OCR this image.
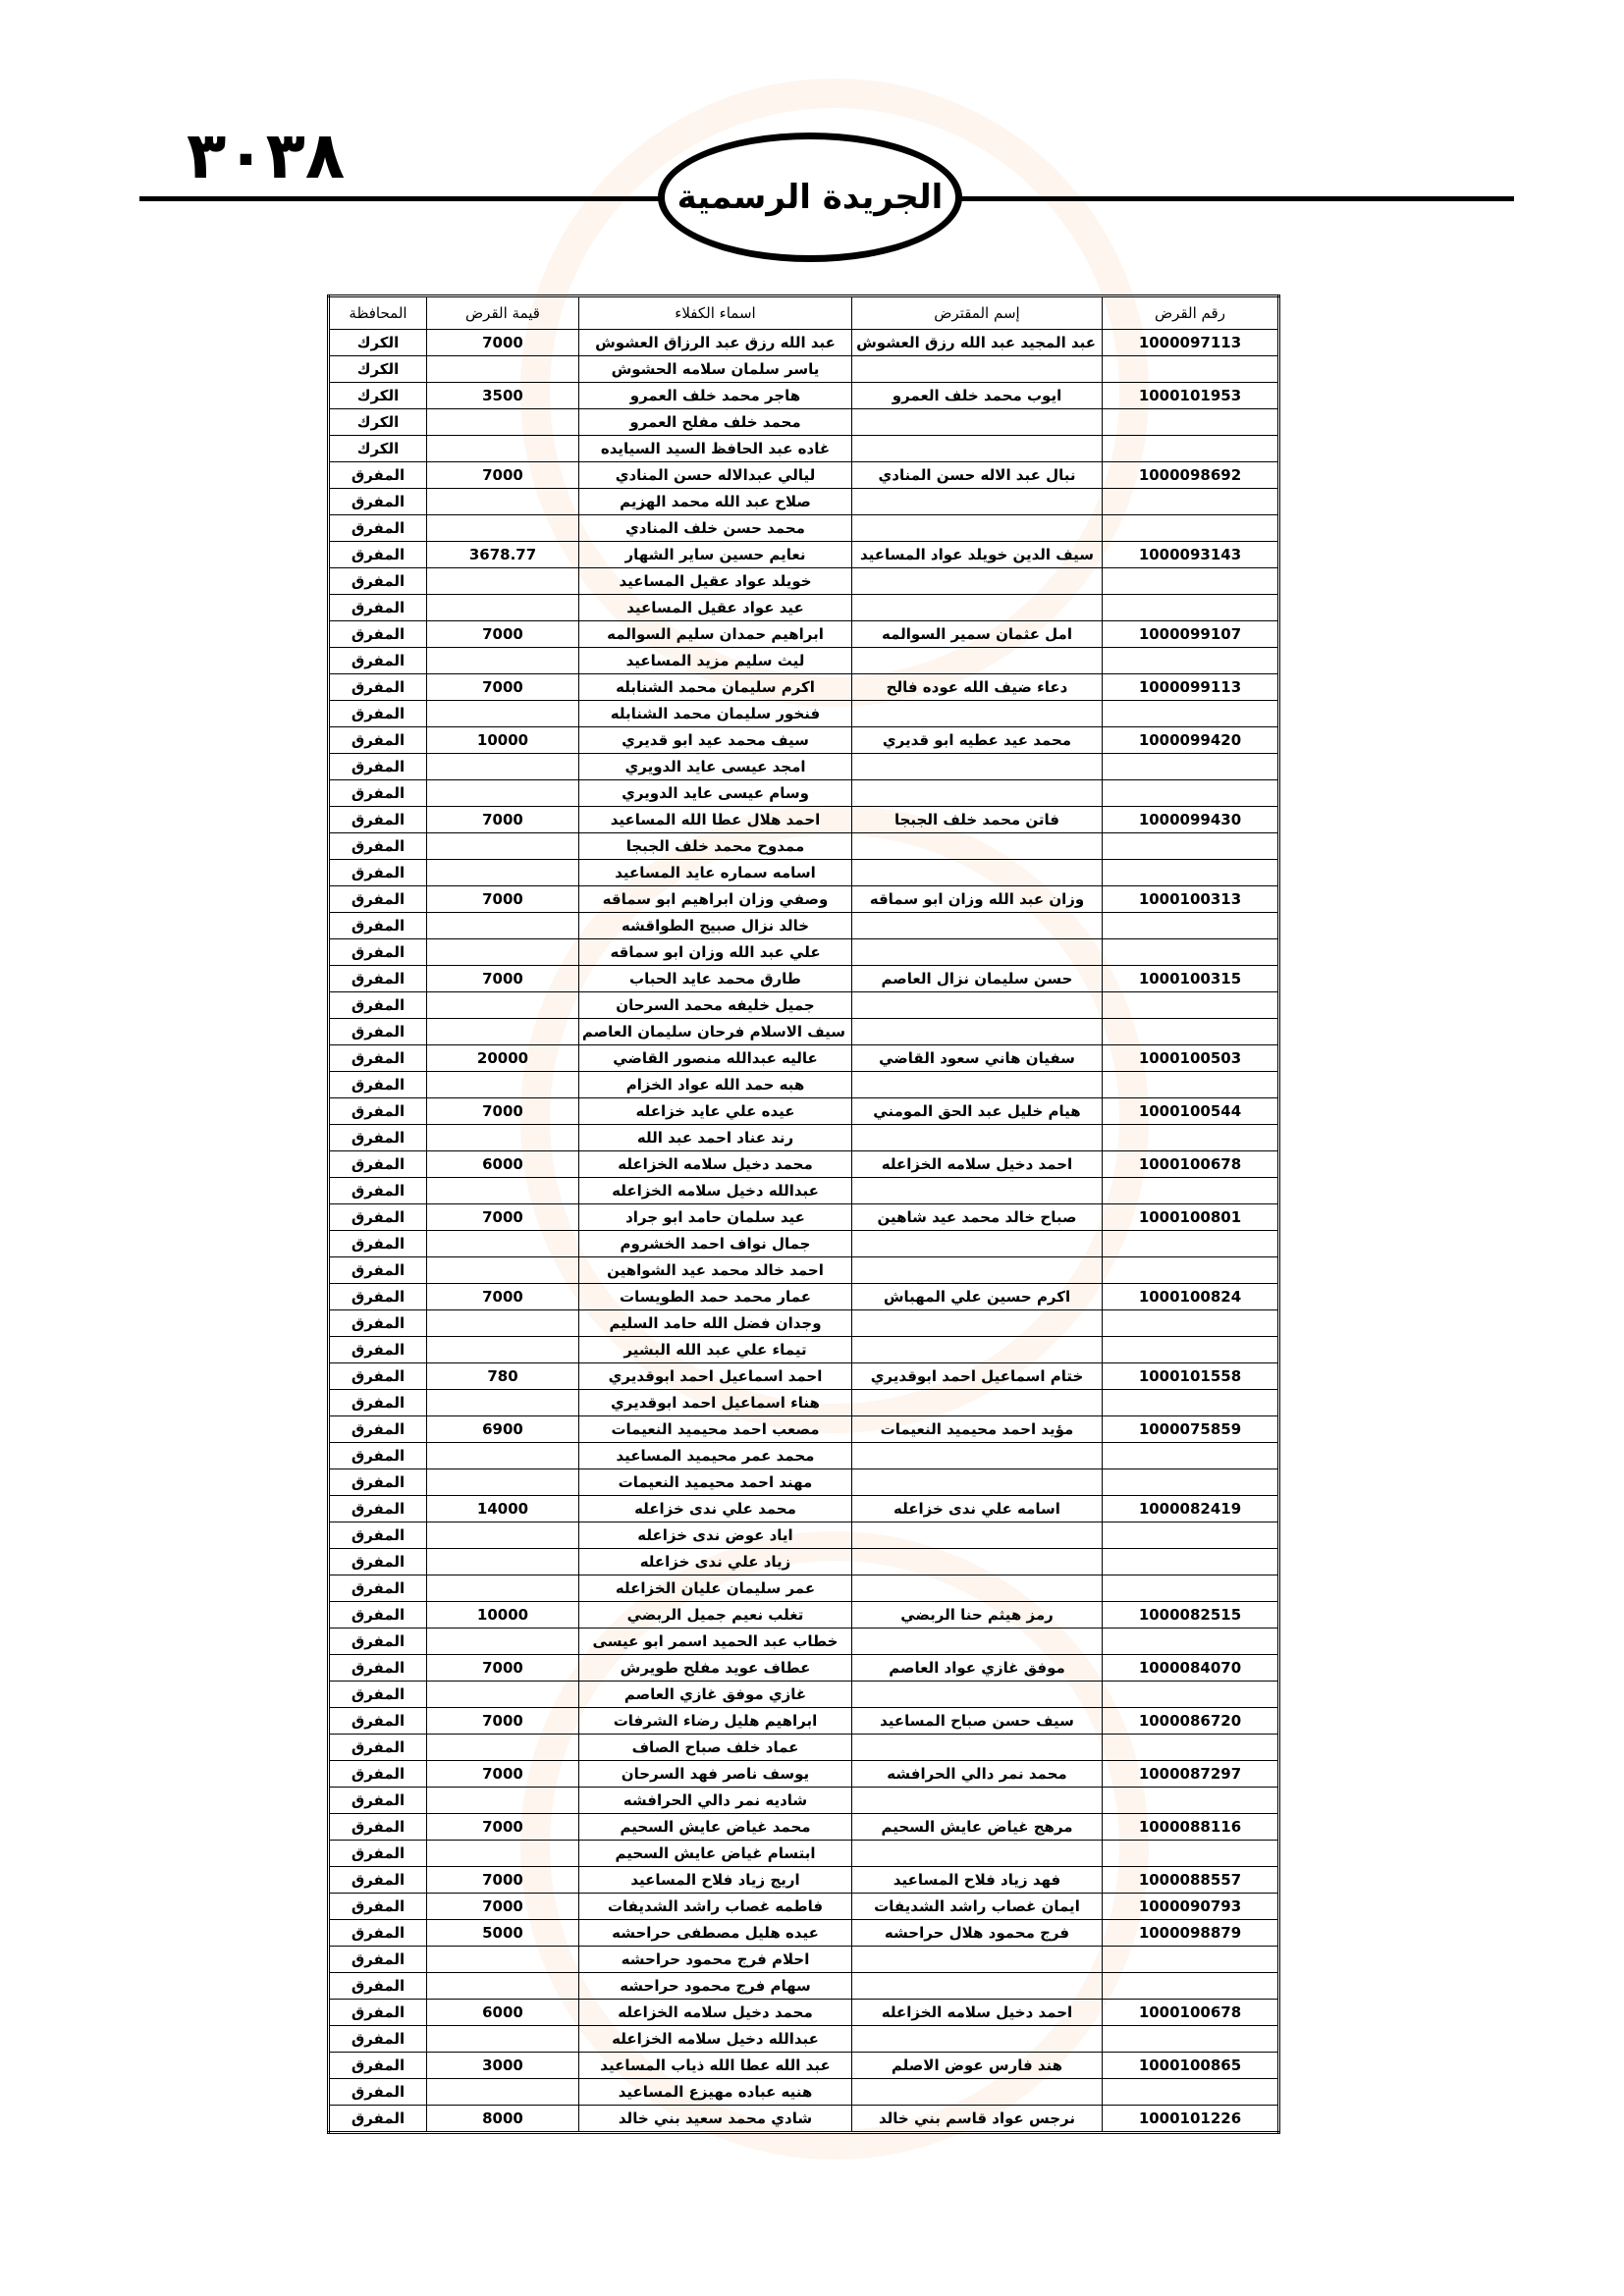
٣٠٣٨
الجريدة الرسمية
رقم القرض	إسم المقترض	اسماء الكفلاء	قيمة القرض	المحافظة
1000097113	عبد المجيد عبد الله رزق العشوش	عبد الله رزق عبد الرزاق العشوش	7000	الكرك
		ياسر سلمان سلامه الحشوش		الكرك
1000101953	ايوب محمد خلف العمرو	هاجر محمد خلف العمرو	3500	الكرك
		محمد خلف مفلح العمرو		الكرك
		غاده عبد الحافظ السيد السيايده		الكرك
1000098692	نبال عبد الاله حسن المنادي	ليالي عبدالاله حسن المنادي	7000	المفرق
		صلاح عبد الله محمد الهزيم		المفرق
		محمد حسن خلف المنادي		المفرق
1000093143	سيف الدين خويلد عواد المساعيد	نعايم حسين ساير الشهار	3678.77	المفرق
		خويلد عواد عقيل المساعيد		المفرق
		عيد عواد عقيل المساعيد		المفرق
1000099107	امل عثمان سمير السوالمه	ابراهيم حمدان سليم السوالمه	7000	المفرق
		ليث سليم مزيد المساعيد		المفرق
1000099113	دعاء ضيف الله عوده فالح	اكرم سليمان محمد الشنابله	7000	المفرق
		فنخور سليمان محمد الشنابله		المفرق
1000099420	محمد عيد عطيه ابو قديري	سيف محمد عيد ابو قديري	10000	المفرق
		امجد عيسى عايد الدويري		المفرق
		وسام عيسى عايد الدويري		المفرق
1000099430	فاتن محمد خلف الجبجا	احمد هلال عطا الله المساعيد	7000	المفرق
		ممدوح محمد خلف الجبجا		المفرق
		اسامه سماره عايد المساعيد		المفرق
1000100313	وزان عبد الله وزان ابو سماقه	وصفي وزان ابراهيم ابو سماقه	7000	المفرق
		خالد نزال صبيح الطواقشه		المفرق
		علي عبد الله وزان ابو سماقه		المفرق
1000100315	حسن سليمان نزال العاصم	طارق محمد عايد الحباب	7000	المفرق
		جميل خليفه محمد السرحان		المفرق
		سيف الاسلام فرحان سليمان العاصم		المفرق
1000100503	سفيان هاني سعود القاضي	عاليه عبدالله منصور القاضي	20000	المفرق
		هبه حمد الله عواد الخزام		المفرق
1000100544	هيام خليل عبد الحق المومني	عيده علي عايد خزاعله	7000	المفرق
		رند عناد احمد عبد الله		المفرق
1000100678	احمد دخيل سلامه الخزاعله	محمد دخيل سلامه الخزاعله	6000	المفرق
		عبدالله دخيل سلامه الخزاعله		المفرق
1000100801	صباح خالد محمد عيد شاهين	عيد سلمان حامد ابو جراد	7000	المفرق
		جمال نواف احمد الخشروم		المفرق
		احمد خالد محمد عيد الشواهين		المفرق
1000100824	اكرم حسين علي المهباش	عمار محمد حمد الطويسات	7000	المفرق
		وجدان فضل الله حامد السليم		المفرق
		تيماء علي عبد الله البشير		المفرق
1000101558	ختام اسماعيل احمد ابوقديري	احمد اسماعيل احمد ابوقديري	780	المفرق
		هناء اسماعيل احمد ابوقديري		المفرق
1000075859	مؤيد احمد محيميد النعيمات	مصعب احمد محيميد النعيمات	6900	المفرق
		محمد عمر محيميد المساعيد		المفرق
		مهند احمد محيميد النعيمات		المفرق
1000082419	اسامه علي ندى خزاعله	محمد علي ندى خزاعله	14000	المفرق
		اياد عوض ندى خزاعله		المفرق
		زياد علي ندى خزاعله		المفرق
		عمر سليمان عليان الخزاعله		المفرق
1000082515	رمز هيثم حنا الربضي	تغلب نعيم جميل الربضي	10000	المفرق
		خطاب عبد الحميد اسمر ابو عيسى		المفرق
1000084070	موفق غازي عواد العاصم	عطاف عويد مفلح طويرش	7000	المفرق
		غازي موفق غازي العاصم		المفرق
1000086720	سيف حسن صباح المساعيد	ابراهيم هليل رضاء الشرفات	7000	المفرق
		عماد خلف صباح الصاف		المفرق
1000087297	محمد نمر دالي الحرافشه	يوسف ناصر فهد السرحان	7000	المفرق
		شاديه نمر دالي الحرافشه		المفرق
1000088116	مرهج غياض عايش السحيم	محمد غياض عايش السحيم	7000	المفرق
		ابتسام غياض عايش السحيم		المفرق
1000088557	فهد زياد فلاح المساعيد	اريج زياد فلاح المساعيد	7000	المفرق
1000090793	ايمان غصاب راشد الشديفات	فاطمه غصاب راشد الشديفات	7000	المفرق
1000098879	فرج محمود هلال حراحشه	عيده هليل مصطفى حراحشه	5000	المفرق
		احلام فرج محمود حراحشه		المفرق
		سهام فرج محمود حراحشه		المفرق
1000100678	احمد دخيل سلامه الخزاعله	محمد دخيل سلامه الخزاعله	6000	المفرق
		عبدالله دخيل سلامه الخزاعله		المفرق
1000100865	هند فارس عوض الاصلم	عبد الله عطا الله ذياب المساعيد	3000	المفرق
		هنيه عباده مهيزع المساعيد		المفرق
1000101226	نرجس عواد قاسم بني خالد	شادي محمد سعيد بني خالد	8000	المفرق
